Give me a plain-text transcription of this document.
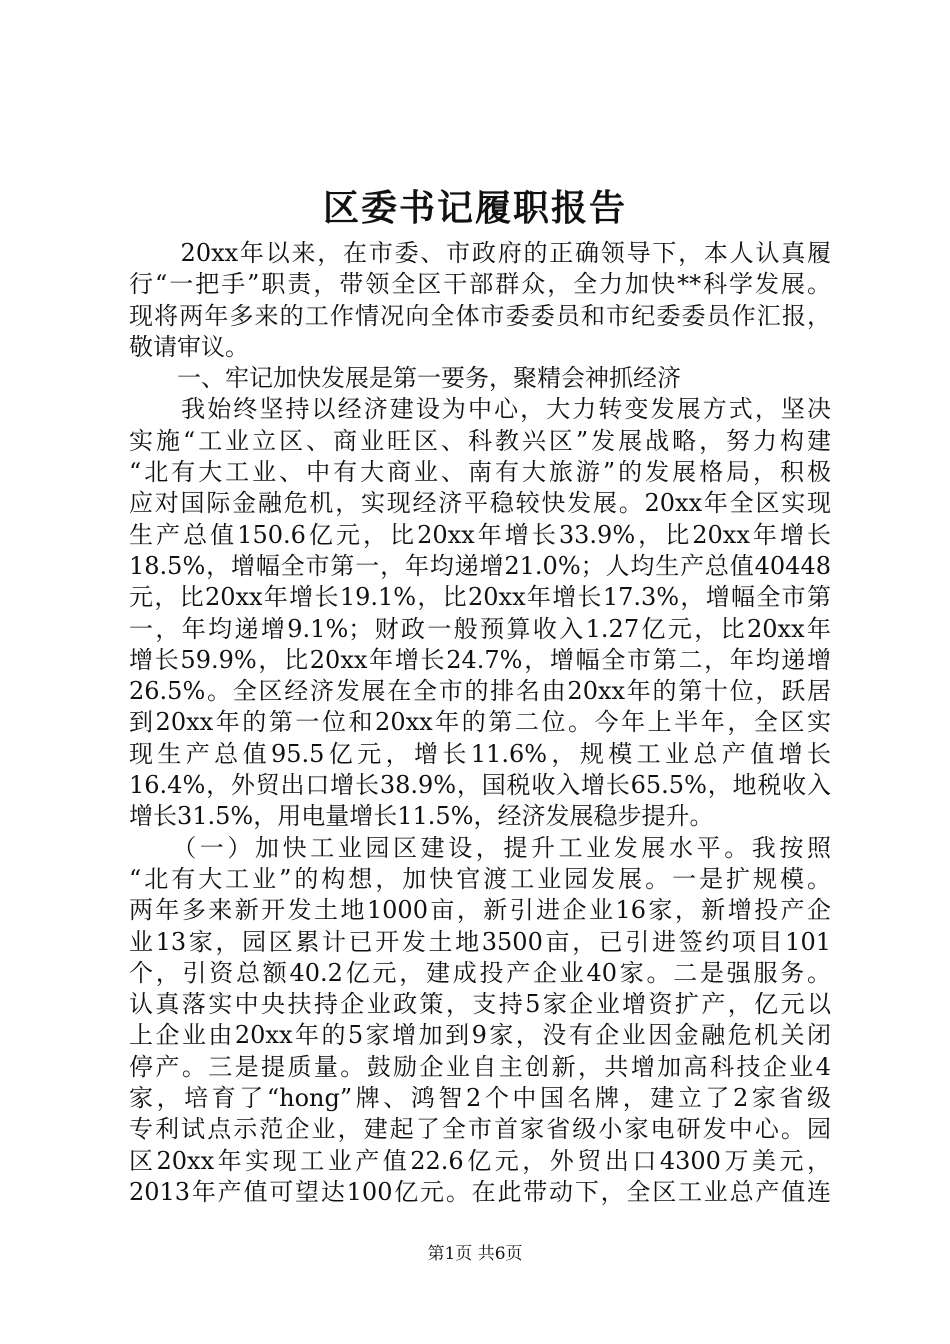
区委书记履职报告
　　20xx年以来，在市委、市政府的正确领导下，本人认真履
行“一把手”职责，带领全区干部群众，全力加快**科学发展。
现将两年多来的工作情况向全体市委委员和市纪委委员作汇报，
敬请审议。
　　一、牢记加快发展是第一要务，聚精会神抓经济
　　我始终坚持以经济建设为中心，大力转变发展方式，坚决
实施“工业立区、商业旺区、科教兴区”发展战略，努力构建
“北有大工业、中有大商业、南有大旅游”的发展格局，积极
应对国际金融危机，实现经济平稳较快发展。20xx年全区实现
生产总值150.6亿元，比20xx年增长33.9%，比20xx年增长
18.5%，增幅全市第一，年均递增21.0%；人均生产总值40448
元，比20xx年增长19.1%，比20xx年增长17.3%，增幅全市第
一，年均递增9.1%；财政一般预算收入1.27亿元，比20xx年
增长59.9%，比20xx年增长24.7%，增幅全市第二，年均递增
26.5%。全区经济发展在全市的排名由20xx年的第十位，跃居
到20xx年的第一位和20xx年的第二位。今年上半年，全区实
现生产总值95.5亿元，增长11.6%，规模工业总产值增长
16.4%，外贸出口增长38.9%，国税收入增长65.5%，地税收入
增长31.5%，用电量增长11.5%，经济发展稳步提升。
　　（一）加快工业园区建设，提升工业发展水平。我按照
“北有大工业”的构想，加快官渡工业园发展。一是扩规模。
两年多来新开发土地1000亩，新引进企业16家，新增投产企
业13家，园区累计已开发土地3500亩，已引进签约项目101
个，引资总额40.2亿元，建成投产企业40家。二是强服务。
认真落实中央扶持企业政策，支持5家企业增资扩产，亿元以
上企业由20xx年的5家增加到9家，没有企业因金融危机关闭
停产。三是提质量。鼓励企业自主创新，共增加高科技企业4
家，培育了“hong”牌、鸿智2个中国名牌，建立了2家省级
专利试点示范企业，建起了全市首家省级小家电研发中心。园
区20xx年实现工业产值22.6亿元，外贸出口4300万美元，
2013年产值可望达100亿元。在此带动下，全区工业总产值连
第1页 共6页
